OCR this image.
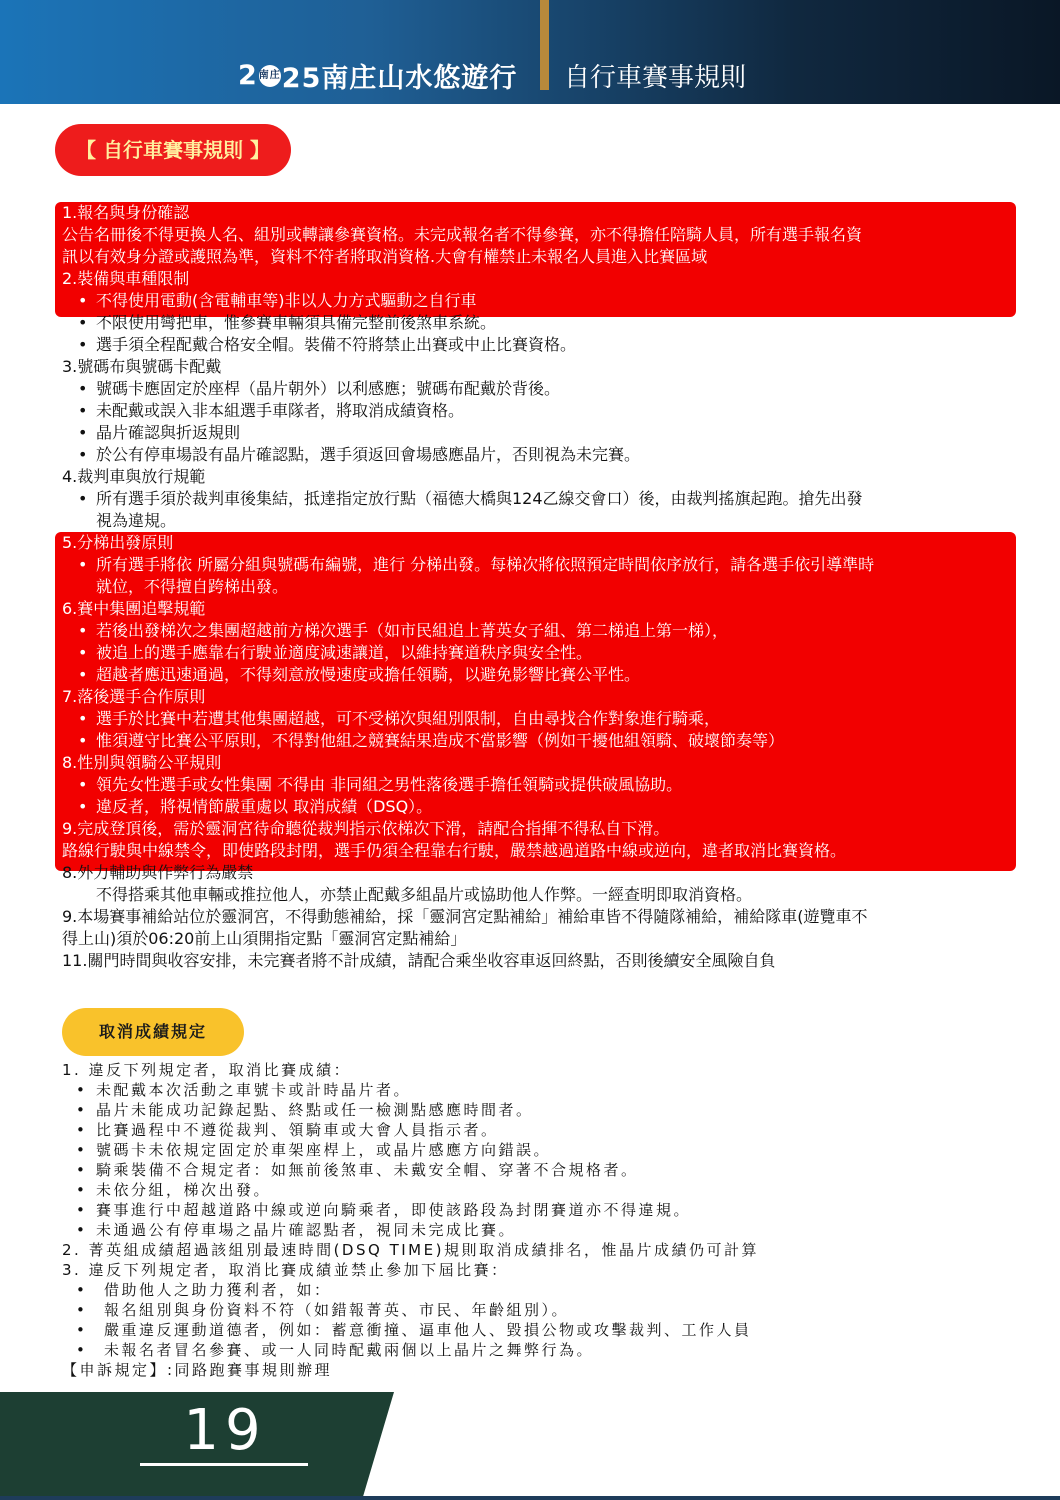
2 南庄 25南庄山水悠遊行 自行車賽事規則
【 自行車賽事規則 】
1.報名與身份確認
公告名冊後不得更換人名、組別或轉讓參賽資格。未完成報名者不得參賽，亦不得擔任陪騎人員，所有選手報名資
訊以有效身分證或護照為準，資料不符者將取消資格.大會有權禁止未報名人員進入比賽區域
2.裝備與車種限制
• 不得使用電動(含電輔車等)非以人力方式驅動之自行車
• 不限使用彎把車，惟參賽車輛須具備完整前後煞車系統。
• 選手須全程配戴合格安全帽。裝備不符將禁止出賽或中止比賽資格。
3.號碼布與號碼卡配戴
• 號碼卡應固定於座桿（晶片朝外）以利感應；號碼布配戴於背後。
• 未配戴或誤入非本組選手車隊者，將取消成績資格。
• 晶片確認與折返規則
• 於公有停車場設有晶片確認點，選手須返回會場感應晶片，否則視為未完賽。
4.裁判車與放行規範
• 所有選手須於裁判車後集結，抵達指定放行點（福德大橋與124乙線交會口）後，由裁判搖旗起跑。搶先出發
視為違規。
5.分梯出發原則
• 所有選手將依 所屬分組與號碼布編號，進行 分梯出發。每梯次將依照預定時間依序放行，請各選手依引導準時
就位，不得擅自跨梯出發。
6.賽中集團追擊規範
• 若後出發梯次之集團超越前方梯次選手（如市民組追上菁英女子組、第二梯追上第一梯），
• 被追上的選手應靠右行駛並適度減速讓道，以維持賽道秩序與安全性。
• 超越者應迅速通過，不得刻意放慢速度或擔任領騎，以避免影響比賽公平性。
7.落後選手合作原則
• 選手於比賽中若遭其他集團超越，可不受梯次與組別限制，自由尋找合作對象進行騎乘，
• 惟須遵守比賽公平原則，不得對他組之競賽結果造成不當影響（例如干擾他組領騎、破壞節奏等）
8.性別與領騎公平規則
• 領先女性選手或女性集團 不得由 非同組之男性落後選手擔任領騎或提供破風協助。
• 違反者，將視情節嚴重處以 取消成績（DSQ）。
9.完成登頂後，需於靈洞宮待命聽從裁判指示依梯次下滑，請配合指揮不得私自下滑。
路線行駛與中線禁令，即使路段封閉，選手仍須全程靠右行駛，嚴禁越過道路中線或逆向，違者取消比賽資格。
8.外力輔助與作弊行為嚴禁
不得搭乘其他車輛或推拉他人，亦禁止配戴多組晶片或協助他人作弊。一經查明即取消資格。
9.本場賽事補給站位於靈洞宮，不得動態補給，採「靈洞宮定點補給」補給車皆不得隨隊補給，補給隊車(遊覽車不
得上山)須於06:20前上山須開指定點「靈洞宮定點補給」
11.關門時間與收容安排，未完賽者將不計成績，請配合乘坐收容車返回終點，否則後續安全風險自負
取消成績規定
1. 違反下列規定者，取消比賽成績：
• 未配戴本次活動之車號卡或計時晶片者。
• 晶片未能成功記錄起點、終點或任一檢測點感應時間者。
• 比賽過程中不遵從裁判、領騎車或大會人員指示者。
• 號碼卡未依規定固定於車架座桿上，或晶片感應方向錯誤。
• 騎乘裝備不合規定者：如無前後煞車、未戴安全帽、穿著不合規格者。
• 未依分組，梯次出發。
• 賽事進行中超越道路中線或逆向騎乘者，即使該路段為封閉賽道亦不得違規。
• 未通過公有停車場之晶片確認點者，視同未完成比賽。
2. 菁英組成績超過該組別最速時間(DSQ TIME)規則取消成績排名，惟晶片成績仍可計算
3. 違反下列規定者，取消比賽成績並禁止參加下屆比賽：
• 借助他人之助力獲利者，如：
• 報名組別與身份資料不符（如錯報菁英、市民、年齡組別）。
• 嚴重違反運動道德者，例如：蓄意衝撞、逼車他人、毀損公物或攻擊裁判、工作人員
• 未報名者冒名參賽、或一人同時配戴兩個以上晶片之舞弊行為。
【申訴規定】:同路跑賽事規則辦理
19
